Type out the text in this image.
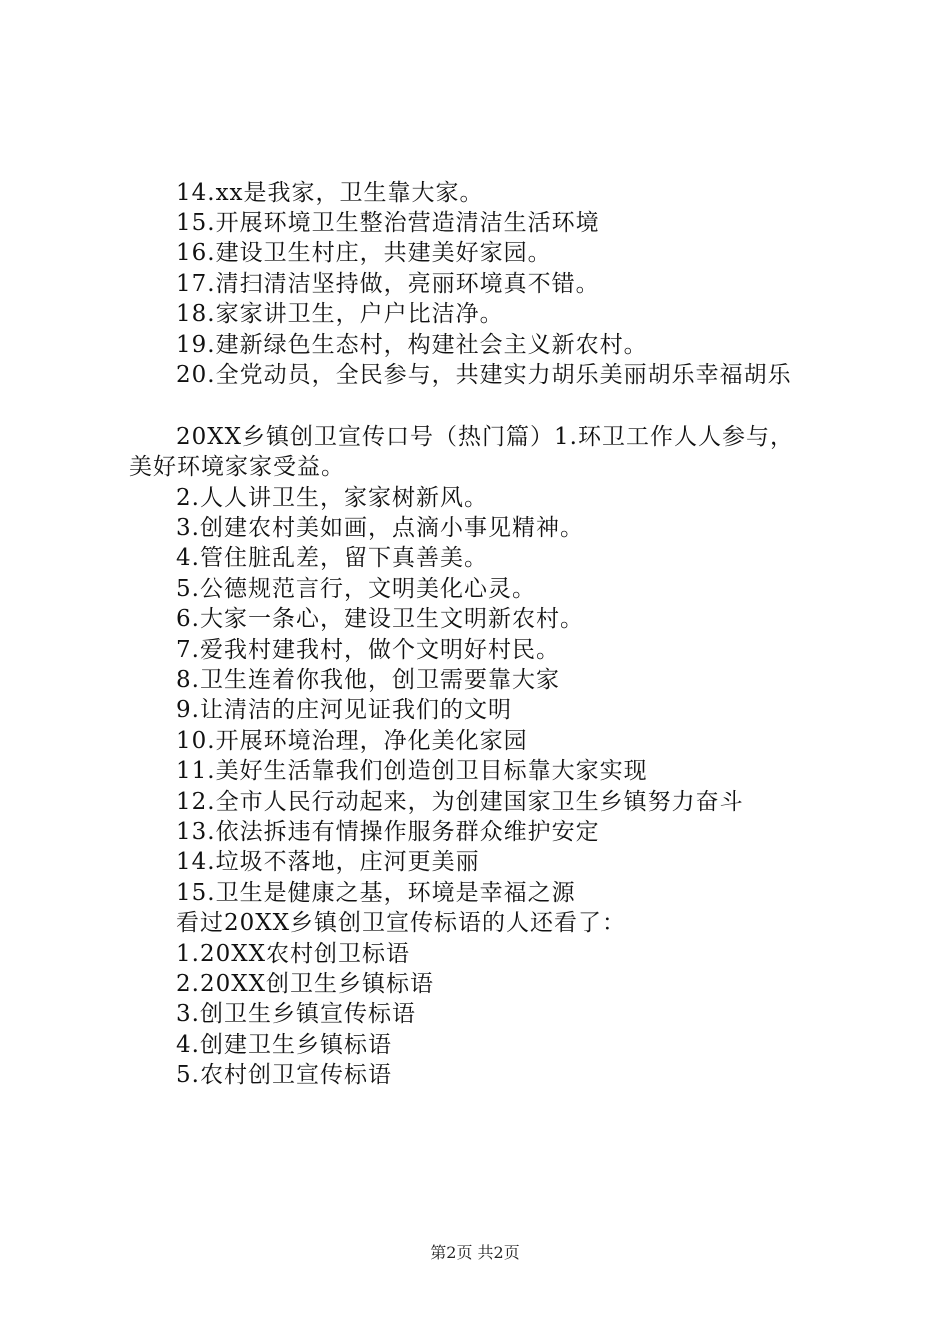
14.xx是我家，卫生靠大家。
15.开展环境卫生整治营造清洁生活环境
16.建设卫生村庄，共建美好家园。
17.清扫清洁坚持做，亮丽环境真不错。
18.家家讲卫生，户户比洁净。
19.建新绿色生态村，构建社会主义新农村。
20.全党动员，全民参与，共建实力胡乐美丽胡乐幸福胡乐
20XX乡镇创卫宣传口号（热门篇）1.环卫工作人人参与，
美好环境家家受益。
2.人人讲卫生，家家树新风。
3.创建农村美如画，点滴小事见精神。
4.管住脏乱差，留下真善美。
5.公德规范言行，文明美化心灵。
6.大家一条心，建设卫生文明新农村。
7.爱我村建我村，做个文明好村民。
8.卫生连着你我他，创卫需要靠大家
9.让清洁的庄河见证我们的文明
10.开展环境治理，净化美化家园
11.美好生活靠我们创造创卫目标靠大家实现
12.全市人民行动起来，为创建国家卫生乡镇努力奋斗
13.依法拆违有情操作服务群众维护安定
14.垃圾不落地，庄河更美丽
15.卫生是健康之基，环境是幸福之源
看过20XX乡镇创卫宣传标语的人还看了：
1.20XX农村创卫标语
2.20XX创卫生乡镇标语
3.创卫生乡镇宣传标语
4.创建卫生乡镇标语
5.农村创卫宣传标语
第2页 共2页
